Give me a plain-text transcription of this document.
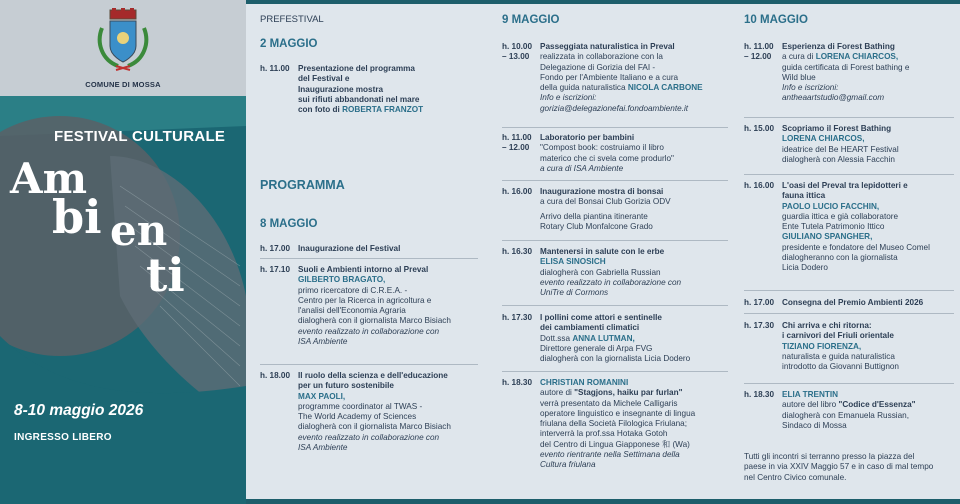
COMUNE DI MOSSA
FESTIVAL CULTURALE
Am
bi en
ti
8-10 maggio 2026
INGRESSO LIBERO
PREFESTIVAL
2 MAGGIO
h. 11.00 Presentazione del programma
del Festival e
Inaugurazione mostra
sui rifiuti abbandonati nel mare
con foto di ROBERTA FRANZOT
PROGRAMMA
8 MAGGIO
h. 17.00 Inaugurazione del Festival
h. 17.10 Suoli e Ambienti intorno al Preval
GILBERTO BRAGATO,
primo ricercatore di C.R.E.A. -
Centro per la Ricerca in agricoltura e
l'analisi dell'Economia Agraria
dialogherà con il giornalista Marco Bisiach
evento realizzato in collaborazione con
ISA Ambiente
h. 18.00 Il ruolo della scienza e dell'educazione
per un futuro sostenibile
MAX PAOLI,
programme coordinator al TWAS -
The World Academy of Sciences
dialogherà con il giornalista Marco Bisiach
evento realizzato in collaborazione con
ISA Ambiente
9 MAGGIO
h. 10.00
– 13.00
Passeggiata naturalistica in Preval
realizzata in collaborazione con la
Delegazione di Gorizia del FAI -
Fondo per l'Ambiente Italiano e a cura
della guida naturalistica NICOLA CARBONE
Info e iscrizioni:
gorizia@delegazionefai.fondoambiente.it
h. 11.00
– 12.00
Laboratorio per bambini
"Compost book: costruiamo il libro
materico che ci svela come produrlo"
a cura di ISA Ambiente
h. 16.00 Inaugurazione mostra di bonsai
a cura del Bonsai Club Gorizia ODV
Arrivo della piantina itinerante
Rotary Club Monfalcone Grado
h. 16.30 Mantenersi in salute con le erbe
ELISA SINOSICH
dialogherà con Gabriella Russian
evento realizzato in collaborazione con
UniTre di Cormons
h. 17.30 I pollini come attori e sentinelle
dei cambiamenti climatici
Dott.ssa ANNA LUTMAN,
Direttore generale di Arpa FVG
dialogherà con la giornalista Licia Dodero
h. 18.30 CHRISTIAN ROMANINI
autore di "Stagjons, haiku par furlan"
verrà presentato da Michele Calligaris
operatore linguistico e insegnante di lingua
friulana della Società Filologica Friulana;
interverrà la prof.ssa Hotaka Gotoh
del Centro di Lingua Giapponese 和 (Wa)
evento rientrante nella Settimana della
Cultura friulana
10 MAGGIO
h. 11.00
– 12.00
Esperienza di Forest Bathing
a cura di LORENA CHIARCOS,
guida certificata di Forest bathing e
Wild blue
Info e iscrizioni:
antheaartstudio@gmail.com
h. 15.00 Scopriamo il Forest Bathing
LORENA CHIARCOS,
ideatrice del Be HEART Festival
dialogherà con Alessia Facchin
h. 16.00 L'oasi del Preval tra lepidotteri e
fauna ittica
PAOLO LUCIO FACCHIN,
guardia ittica e già collaboratore
Ente Tutela Patrimonio Ittico
GIULIANO SPANGHER,
presidente e fondatore del Museo Comel
dialogheranno con la giornalista
Licia Dodero
h. 17.00 Consegna del Premio Ambienti 2026
h. 17.30 Chi arriva e chi ritorna:
i carnivori del Friuli orientale
TIZIANO FIORENZA,
naturalista e guida naturalistica
introdotto da Giovanni Buttignon
h. 18.30 ELIA TRENTIN
autore del libro "Codice d'Essenza"
dialogherà con Emanuela Russian,
Sindaco di Mossa
Tutti gli incontri si terranno presso la piazza del
paese in via XXIV Maggio 57 e in caso di mal tempo
nel Centro Civico comunale.
